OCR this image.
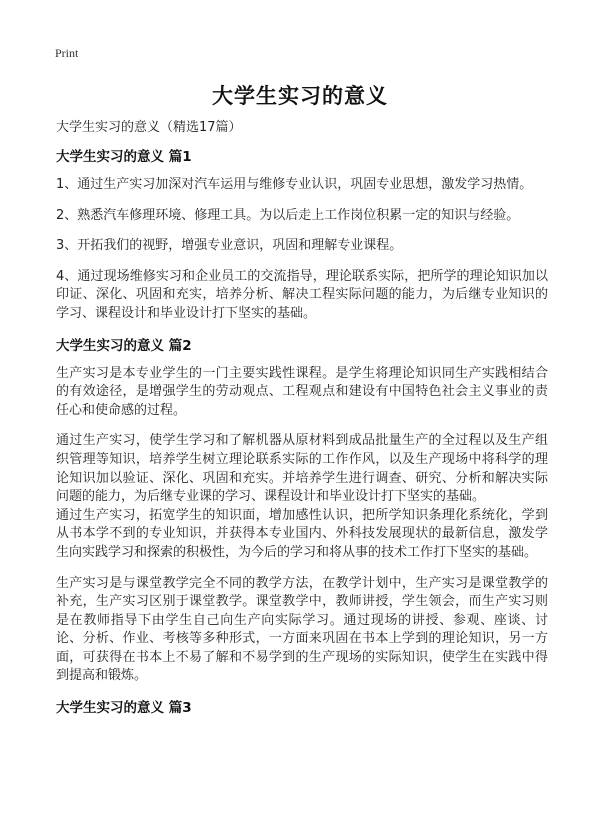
Print
大学生实习的意义
大学生实习的意义（精选17篇）
大学生实习的意义 篇1

1、通过生产实习加深对汽车运用与维修专业认识，巩固专业思想，激发学习热情。

2、熟悉汽车修理环境、修理工具。为以后走上工作岗位积累一定的知识与经验。

3、开拓我们的视野，增强专业意识，巩固和理解专业课程。

4、通过现场维修实习和企业员工的交流指导，理论联系实际，把所学的理论知识加以印证、深化、巩固和充实，培养分析、解决工程实际问题的能力，为后继专业知识的学习、课程设计和毕业设计打下坚实的基础。

大学生实习的意义 篇2

生产实习是本专业学生的一门主要实践性课程。是学生将理论知识同生产实践相结合的有效途径，是增强学生的劳动观点、工程观点和建设有中国特色社会主义事业的责任心和使命感的过程。

通过生产实习，使学生学习和了解机器从原材料到成品批量生产的全过程以及生产组织管理等知识，培养学生树立理论联系实际的工作作风，以及生产现场中将科学的理论知识加以验证、深化、巩固和充实。并培养学生进行调查、研究、分析和解决实际问题的能力，为后继专业课的学习、课程设计和毕业设计打下坚实的基础。

通过生产实习，拓宽学生的知识面，增加感性认识，把所学知识条理化系统化，学到从书本学不到的专业知识，并获得本专业国内、外科技发展现状的最新信息，激发学生向实践学习和探索的积极性，为今后的学习和将从事的技术工作打下坚实的基础。

生产实习是与课堂教学完全不同的教学方法，在教学计划中，生产实习是课堂教学的补充，生产实习区别于课堂教学。课堂教学中，教师讲授，学生领会，而生产实习则是在教师指导下由学生自己向生产向实际学习。通过现场的讲授、参观、座谈、讨论、分析、作业、考核等多种形式，一方面来巩固在书本上学到的理论知识，另一方面，可获得在书本上不易了解和不易学到的生产现场的实际知识，使学生在实践中得到提高和锻炼。

大学生实习的意义 篇3
